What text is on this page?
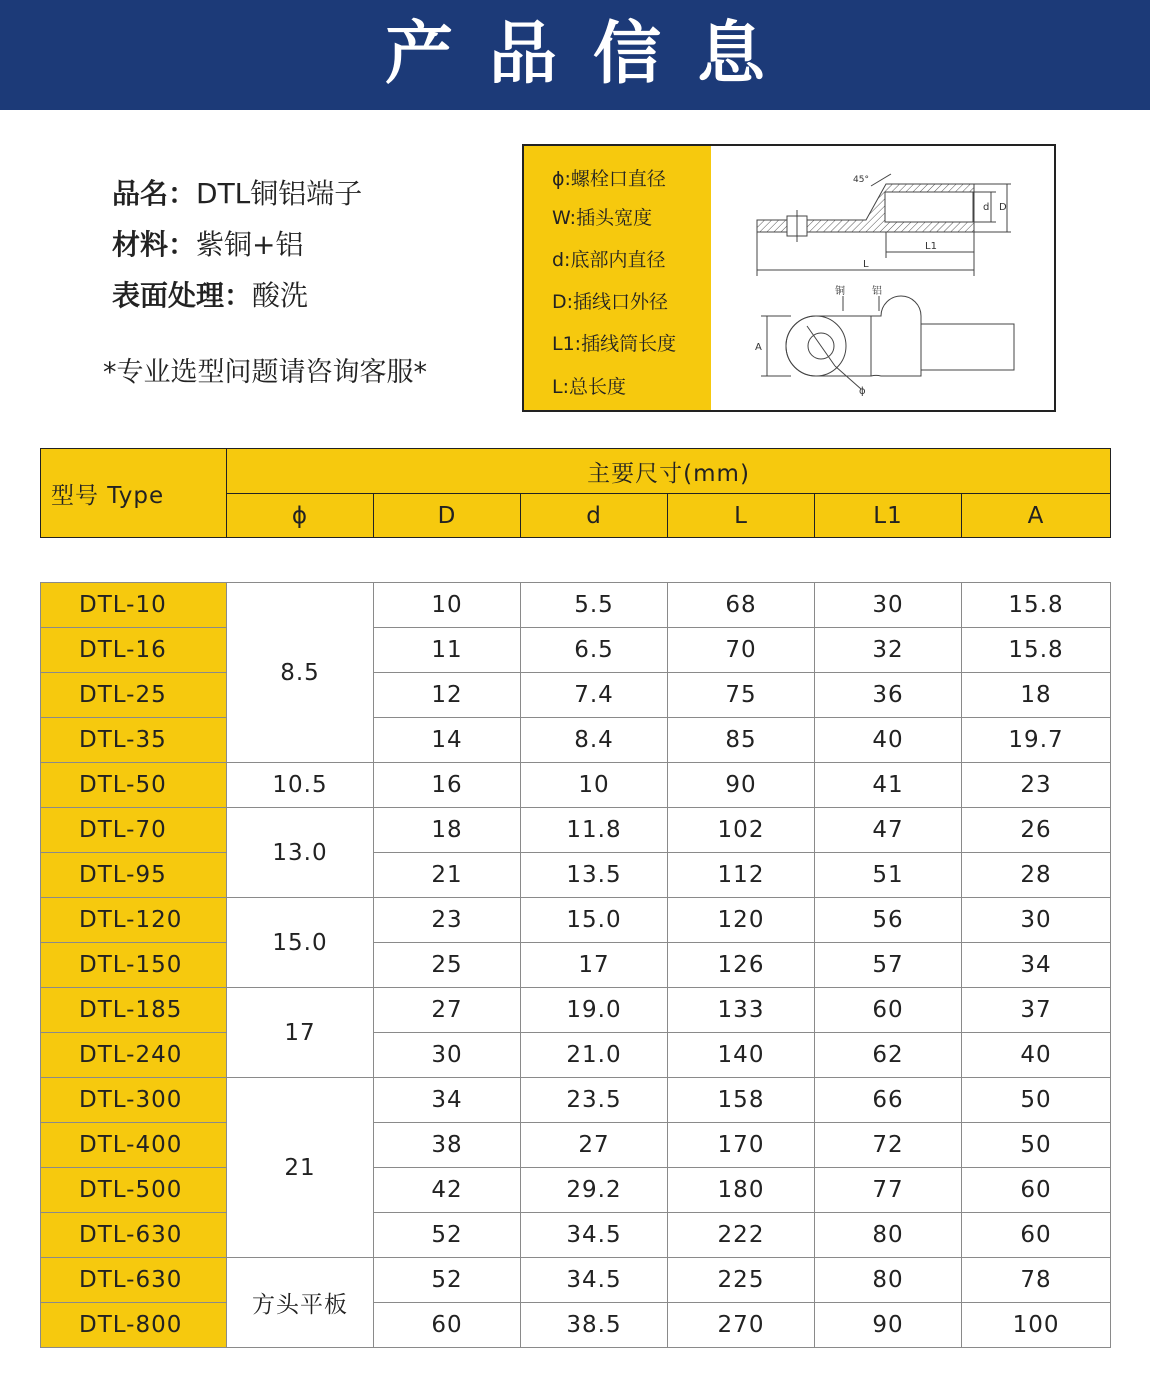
产品信息
品名：DTL铜铝端子
材料：紫铜+铝
表面处理：酸洗
*专业选型问题请咨询客服*
ϕ:螺栓口直径
W:插头宽度
d:底部内直径
D:插线口外径
L1:插线筒长度
L:总长度
45°
d D
L1
L
铜	铝
A
ϕ
型号 Type	主要尺寸(mm)					
	ϕ	D	d	L	L1	A

DTL-10	8.5	10	5.5	68	30	15.8
DTL-16		11	6.5	70	32	15.8
DTL-25		12	7.4	75	36	18
DTL-35		14	8.4	85	40	19.7
DTL-50	10.5	16	10	90	41	23
DTL-70	13.0	18	11.8	102	47	26
DTL-95		21	13.5	112	51	28
DTL-120	15.0	23	15.0	120	56	30
DTL-150		25	17	126	57	34
DTL-185	17	27	19.0	133	60	37
DTL-240		30	21.0	140	62	40
DTL-300	21	34	23.5	158	66	50
DTL-400		38	27	170	72	50
DTL-500		42	29.2	180	77	60
DTL-630		52	34.5	222	80	60
DTL-630	方头平板	52	34.5	225	80	78
DTL-800		60	38.5	270	90	100
